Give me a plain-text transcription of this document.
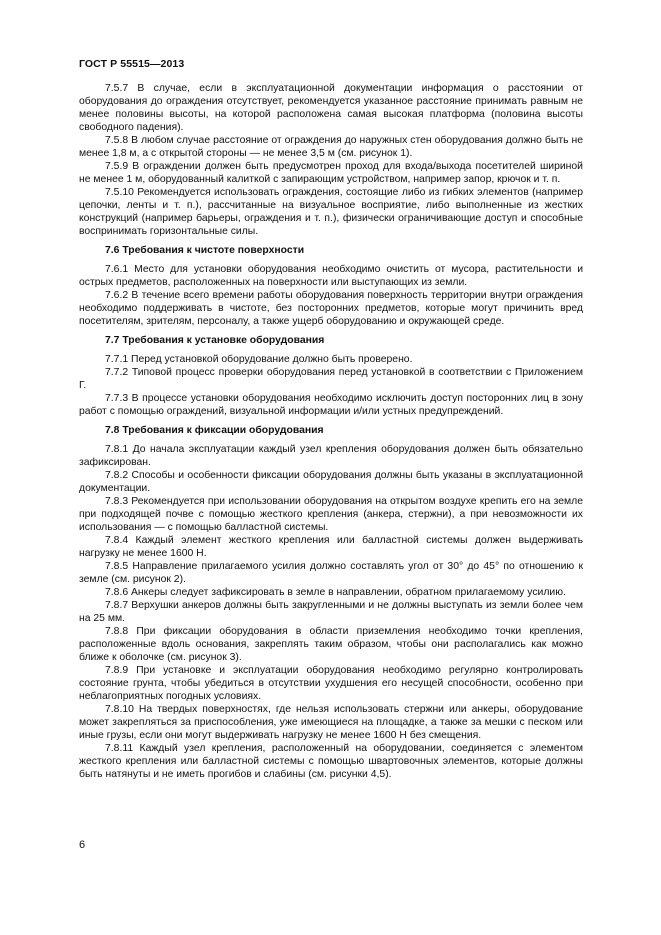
ГОСТ Р 55515—2013

7.5.7 В случае, если в эксплуатационной документации информация о расстоянии от оборудования до ограждения отсутствует, рекомендуется указанное расстояние принимать равным не менее половины высоты, на которой расположена самая высокая платформа (половина высоты свободного падения).

7.5.8 В любом случае расстояние от ограждения до наружных стен оборудования должно быть не менее 1,8 м, а с открытой стороны — не менее 3,5 м (см. рисунок 1).

7.5.9 В ограждении должен быть предусмотрен проход для входа/выхода посетителей шириной не менее 1 м, оборудованный калиткой с запирающим устройством, например запор, крючок и т. п.

7.5.10 Рекомендуется использовать ограждения, состоящие либо из гибких элементов (например цепочки, ленты и т. п.), рассчитанные на визуальное восприятие, либо выполненные из жестких конструкций (например барьеры, ограждения и т. п.), физически ограничивающие доступ и способные воспринимать горизонтальные силы.

7.6 Требования к чистоте поверхности

7.6.1 Место для установки оборудования необходимо очистить от мусора, растительности и острых предметов, расположенных на поверхности или выступающих из земли.

7.6.2 В течение всего времени работы оборудования поверхность территории внутри ограждения необходимо поддерживать в чистоте, без посторонних предметов, которые могут причинить вред посетителям, зрителям, персоналу, а также ущерб оборудованию и окружающей среде.

7.7 Требования к установке оборудования

7.7.1 Перед установкой оборудование должно быть проверено.

7.7.2 Типовой процесс проверки оборудования перед установкой в соответствии с Приложением Г.

7.7.3 В процессе установки оборудования необходимо исключить доступ посторонних лиц в зону работ с помощью ограждений, визуальной информации и/или устных предупреждений.

7.8 Требования к фиксации оборудования

7.8.1 До начала эксплуатации каждый узел крепления оборудования должен быть обязательно зафиксирован.

7.8.2 Способы и особенности фиксации оборудования должны быть указаны в эксплуатационной документации.

7.8.3 Рекомендуется при использовании оборудования на открытом воздухе крепить его на земле при подходящей почве с помощью жесткого крепления (анкера, стержни), а при невозможности их использования — с помощью балластной системы.

7.8.4 Каждый элемент жесткого крепления или балластной системы должен выдерживать нагрузку не менее 1600 Н.

7.8.5 Направление прилагаемого усилия должно составлять угол от 30° до 45° по отношению к земле (см. рисунок 2).

7.8.6 Анкеры следует зафиксировать в земле в направлении, обратном прилагаемому усилию.

7.8.7 Верхушки анкеров должны быть закругленными и не должны выступать из земли более чем на 25 мм.

7.8.8 При фиксации оборудования в области приземления необходимо точки крепления, расположенные вдоль основания, закреплять таким образом, чтобы они располагались как можно ближе к оболочке (см. рисунок 3).

7.8.9 При установке и эксплуатации оборудования необходимо регулярно контролировать состояние грунта, чтобы убедиться в отсутствии ухудшения его несущей способности, особенно при неблагоприятных погодных условиях.

7.8.10 На твердых поверхностях, где нельзя использовать стержни или анкеры, оборудование может закрепляться за приспособления, уже имеющиеся на площадке, а также за мешки с песком или иные грузы, если они могут выдерживать нагрузку не менее 1600 Н без смещения.

7.8.11 Каждый узел крепления, расположенный на оборудовании, соединяется с элементом жесткого крепления или балластной системы с помощью швартовочных элементов, которые должны быть натянуты и не иметь прогибов и слабины (см. рисунки 4,5).

6
